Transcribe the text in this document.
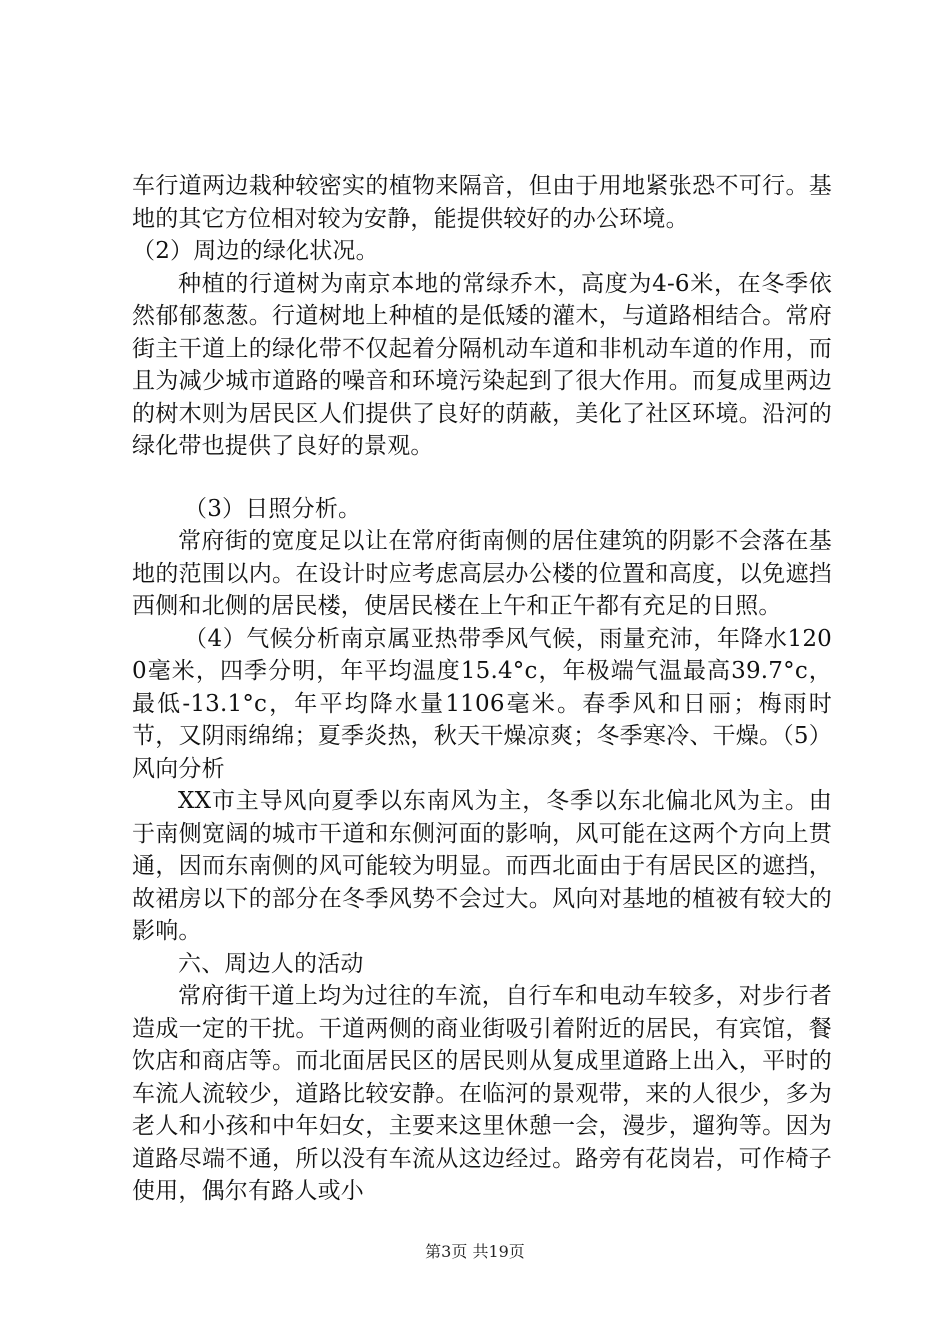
车行道两边栽种较密实的植物来隔音，但由于用地紧张恐不可行。基地的其它方位相对较为安静，能提供较好的办公环境。

（2）周边的绿化状况。

种植的行道树为南京本地的常绿乔木，高度为4-6米，在冬季依然郁郁葱葱。行道树地上种植的是低矮的灌木，与道路相结合。常府街主干道上的绿化带不仅起着分隔机动车道和非机动车道的作用，而且为减少城市道路的噪音和环境污染起到了很大作用。而复成里两边的树木则为居民区人们提供了良好的荫蔽，美化了社区环境。沿河的绿化带也提供了良好的景观。

（3）日照分析。

常府街的宽度足以让在常府街南侧的居住建筑的阴影不会落在基地的范围以内。在设计时应考虑高层办公楼的位置和高度，以免遮挡西侧和北侧的居民楼，使居民楼在上午和正午都有充足的日照。

（4）气候分析南京属亚热带季风气候，雨量充沛，年降水1200毫米，四季分明，年平均温度15.4°c，年极端气温最高39.7°c，最低-13.1°c，年平均降水量1106毫米。春季风和日丽；梅雨时节，又阴雨绵绵；夏季炎热，秋天干燥凉爽；冬季寒冷、干燥。（5）风向分析

XX市主导风向夏季以东南风为主，冬季以东北偏北风为主。由于南侧宽阔的城市干道和东侧河面的影响，风可能在这两个方向上贯通，因而东南侧的风可能较为明显。而西北面由于有居民区的遮挡，故裙房以下的部分在冬季风势不会过大。风向对基地的植被有较大的影响。

六、周边人的活动

常府街干道上均为过往的车流，自行车和电动车较多，对步行者造成一定的干扰。干道两侧的商业街吸引着附近的居民，有宾馆，餐饮店和商店等。而北面居民区的居民则从复成里道路上出入，平时的车流人流较少，道路比较安静。在临河的景观带，来的人很少，多为老人和小孩和中年妇女，主要来这里休憩一会，漫步，遛狗等。因为道路尽端不通，所以没有车流从这边经过。路旁有花岗岩，可作椅子使用，偶尔有路人或小

第3页 共19页
